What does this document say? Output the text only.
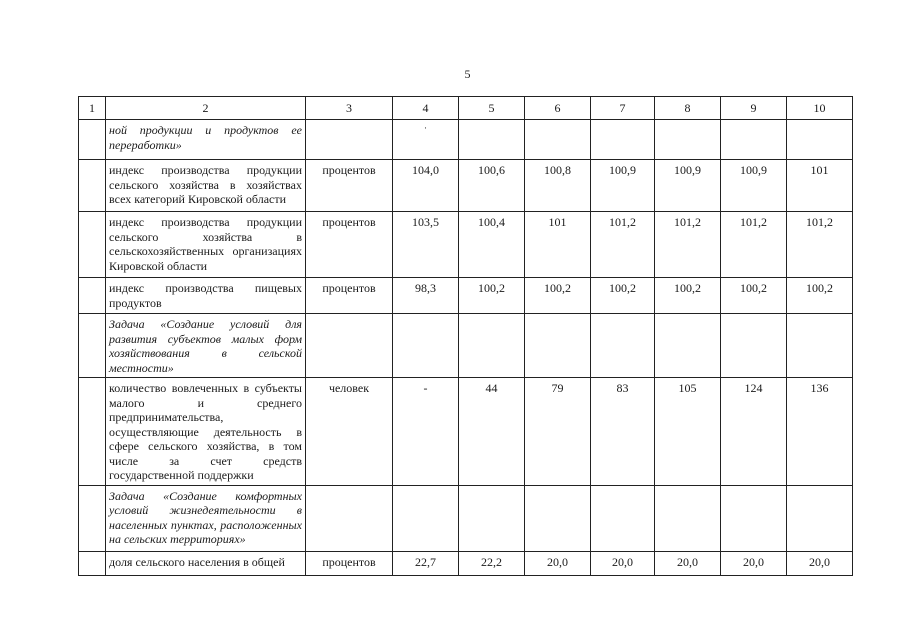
5
1	2	3	4	5	6	7	8	9	10
	ной продукции и продуктов ее переработки»		·						
	индекс производства продукции сельского хозяйства в хозяйствах всех категорий Кировской области	процентов	104,0	100,6	100,8	100,9	100,9	100,9	101
	индекс производства продукции сельского хозяйства в сельскохозяйственных организациях Кировской области	процентов	103,5	100,4	101	101,2	101,2	101,2	101,2
	индекс производства пищевых продуктов	процентов	98,3	100,2	100,2	100,2	100,2	100,2	100,2
	Задача «Создание условий для развития субъектов малых форм хозяйствования в сельской местности»								
	количество вовлеченных в субъекты малого и среднего предпринимательства, осуществляющие деятельность в сфере сельского хозяйства, в том числе за счет средств государственной поддержки	человек	-	44	79	83	105	124	136
	Задача «Создание комфортных условий жизнедеятельности в населенных пунктах, расположенных на сельских территориях»								
	доля сельского населения в общей	процентов	22,7	22,2	20,0	20,0	20,0	20,0	20,0
